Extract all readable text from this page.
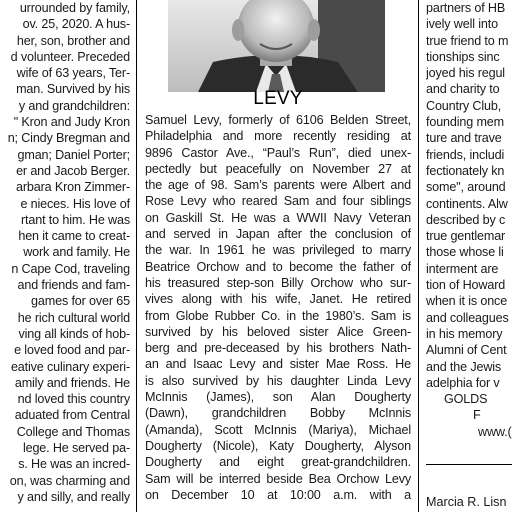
urrounded by family,
ov. 25, 2020. A hus-
her, son, brother and
d volunteer. Preceded
wife of 63 years, Ter-
man. Survived by his
y and grandchildren:
" Kron and Judy Kron
n; Cindy Bregman and
gman; Daniel Porter;
er and Jacob Berger.
arbara Kron Zimmer-
e nieces. His love of
rtant to him. He was
hen it came to creat-
work and family. He
n Cape Cod, traveling
and friends and fam-
games for over 65
he rich cultural world
ving all kinds of hob-
e loved food and par-
eative culinary experi-
amily and friends. He
nd loved this country
aduated from Central
College and Thomas
lege. He served pa-
s. He was an incred-
on, was charming and
y and silly, and really
LEVY
Samuel Levy, formerly of 6106 Belden Street,
Philadelphia and more recently residing at
9896 Castor Ave., “Paul’s Run”, died unex-
pectedly but peacefully on November 27 at
the age of 98. Sam’s parents were Albert and
Rose Levy who reared Sam and four siblings
on Gaskill St. He was a WWII Navy Veteran
and served in Japan after the conclusion of
the war. In 1961 he was privileged to marry
Beatrice Orchow and to become the father of
his treasured step-son Billy Orchow who sur-
vives along with his wife, Janet. He retired
from Globe Rubber Co. in the 1980’s. Sam is
survived by his beloved sister Alice Green-
berg and pre-deceased by his brothers Nath-
an and Isaac Levy and sister Mae Ross. He
is also survived by his daughter Linda Levy
McInnis (James), son Alan Dougherty
(Dawn), grandchildren Bobby McInnis
(Amanda), Scott McInnis (Mariya), Michael
Dougherty (Nicole), Katy Dougherty, Alyson
Dougherty and eight great-grandchildren.
Sam will be interred beside Bea Orchow Levy
on December 10 at 10:00 a.m. with a
partners of HB
ively well into
true friend to m
tionships sinc
joyed his regul
and charity to
Country Club,
founding mem
ture and trave
friends, includi
fectionately kn
some", around
continents. Alw
described by c
true gentlemar
those whose li
interment are
tion of Howard
when it is once
and colleagues
in his memory
Alumni of Cent
and the Jewis
adelphia for v
GOLDS
F
www.(
Marcia R. Lisn
